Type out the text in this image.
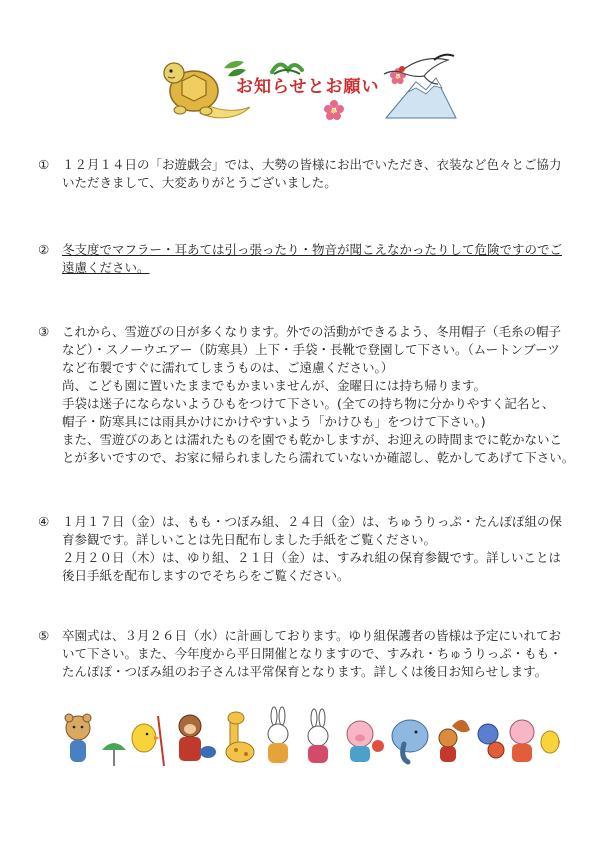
お知らせとお願い
①	１２月１４日の「お遊戯会」では、大勢の皆様にお出でいただき、衣装など色々とご協力
いただきまして、大変ありがとうございました。
②	冬支度でマフラー・耳あては引っ張ったり・物音が聞こえなかったりして危険ですのでご
遠慮ください。
③	これから、雪遊びの日が多くなります。外での活動ができるよう、冬用帽子（毛糸の帽子
など）・スノーウエアー（防寒具）上下・手袋・長靴で登園して下さい。（ムートンブーツ
など布製ですぐに濡れてしまうものは、ご遠慮ください。）
尚、こども園に置いたままでもかまいませんが、金曜日には持ち帰ります。
手袋は迷子にならないようひもをつけて下さい。(全ての持ち物に分かりやすく記名と、
帽子・防寒具には雨具かけにかけやすいよう「かけひも」をつけて下さい。)
また、雪遊びのあとは濡れたものを園でも乾かしますが、お迎えの時間までに乾かないこ
とが多いですので、お家に帰られましたら濡れていないか確認し、乾かしてあげて下さい。
④	１月１７日（金）は、もも・つぼみ組、２４日（金）は、ちゅうりっぷ・たんぽぽ組の保
育参観です。詳しいことは先日配布しました手紙をご覧ください。
２月２０日（木）は、ゆり組、２１日（金）は、すみれ組の保育参観です。詳しいことは
後日手紙を配布しますのでそちらをご覧ください。
⑤	卒園式は、３月２６日（水）に計画しております。ゆり組保護者の皆様は予定にいれてお
いて下さい。また、今年度から平日開催となりますので、すみれ・ちゅうりっぷ・もも・
たんぽぽ・つぼみ組のお子さんは平常保育となります。詳しくは後日お知らせします。
